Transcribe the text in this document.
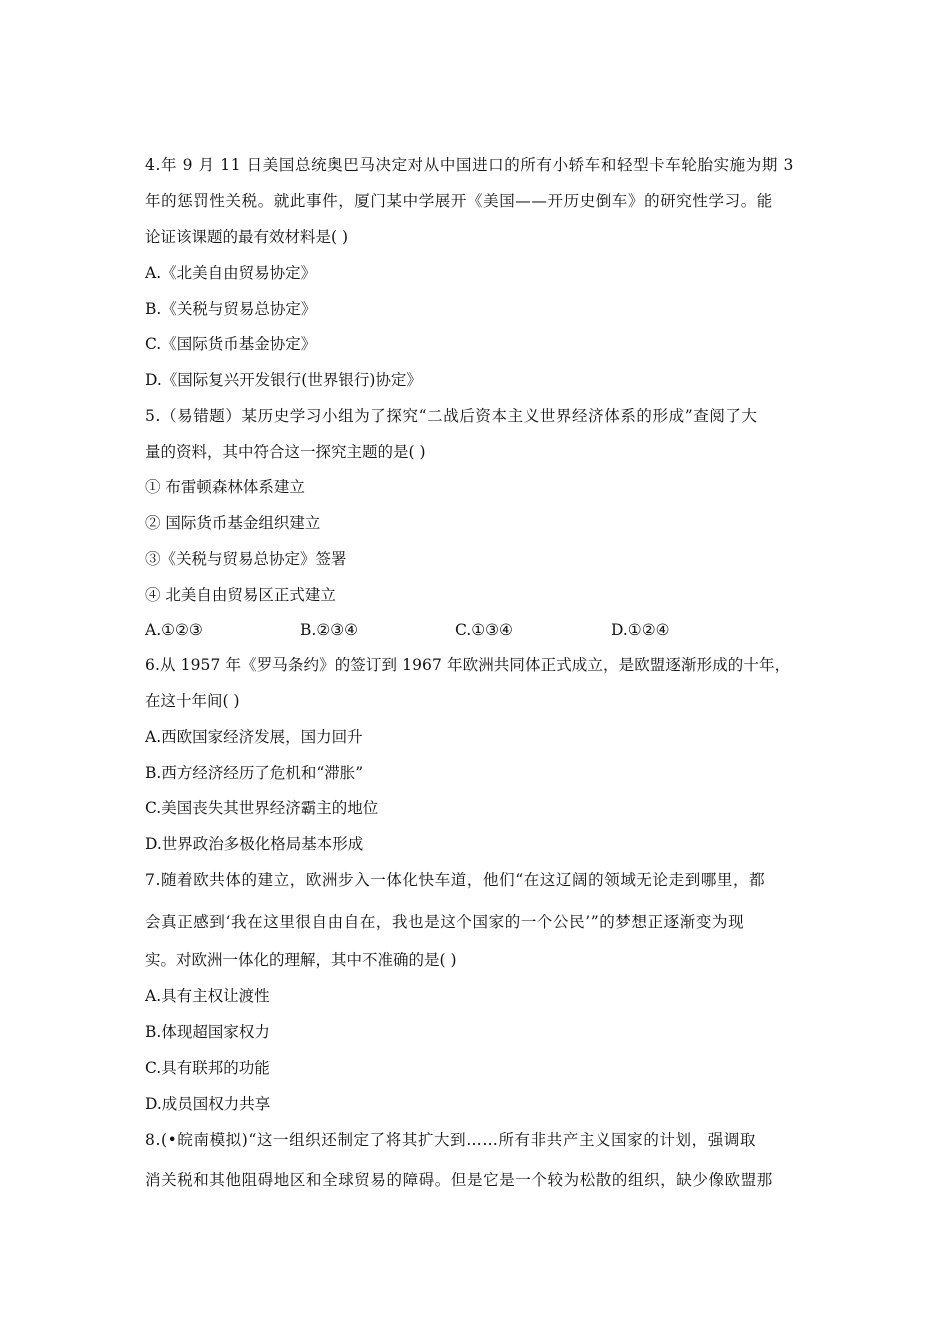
4.年 9 月 11 日美国总统奥巴马决定对从中国进口的所有小轿车和轻型卡车轮胎实施为期 3
年的惩罚性关税。就此事件，厦门某中学展开《美国——开历史倒车》的研究性学习。能
论证该课题的最有效材料是( )
A.《北美自由贸易协定》
B.《关税与贸易总协定》
C.《国际货币基金协定》
D.《国际复兴开发银行(世界银行)协定》
5.（易错题）某历史学习小组为了探究“二战后资本主义世界经济体系的形成”查阅了大
量的资料，其中符合这一探究主题的是( )
① 布雷顿森林体系建立
② 国际货币基金组织建立
③《关税与贸易总协定》签署
④ 北美自由贸易区正式建立
A.①②③	B.②③④	C.①③④	D.①②④
6.从 1957 年《罗马条约》的签订到 1967 年欧洲共同体正式成立，是欧盟逐渐形成的十年，
在这十年间( )
A.西欧国家经济发展，国力回升
B.西方经济经历了危机和“滞胀”
C.美国丧失其世界经济霸主的地位
D.世界政治多极化格局基本形成
7.随着欧共体的建立，欧洲步入一体化快车道，他们“在这辽阔的领域无论走到哪里，都
会真正感到‘我在这里很自由自在，我也是这个国家的一个公民’”的梦想正逐渐变为现
实。对欧洲一体化的理解，其中不准确的是( )
A.具有主权让渡性
B.体现超国家权力
C.具有联邦的功能
D.成员国权力共享
8.(•皖南模拟)“这一组织还制定了将其扩大到……所有非共产主义国家的计划，强调取
消关税和其他阻碍地区和全球贸易的障碍。但是它是一个较为松散的组织，缺少像欧盟那
